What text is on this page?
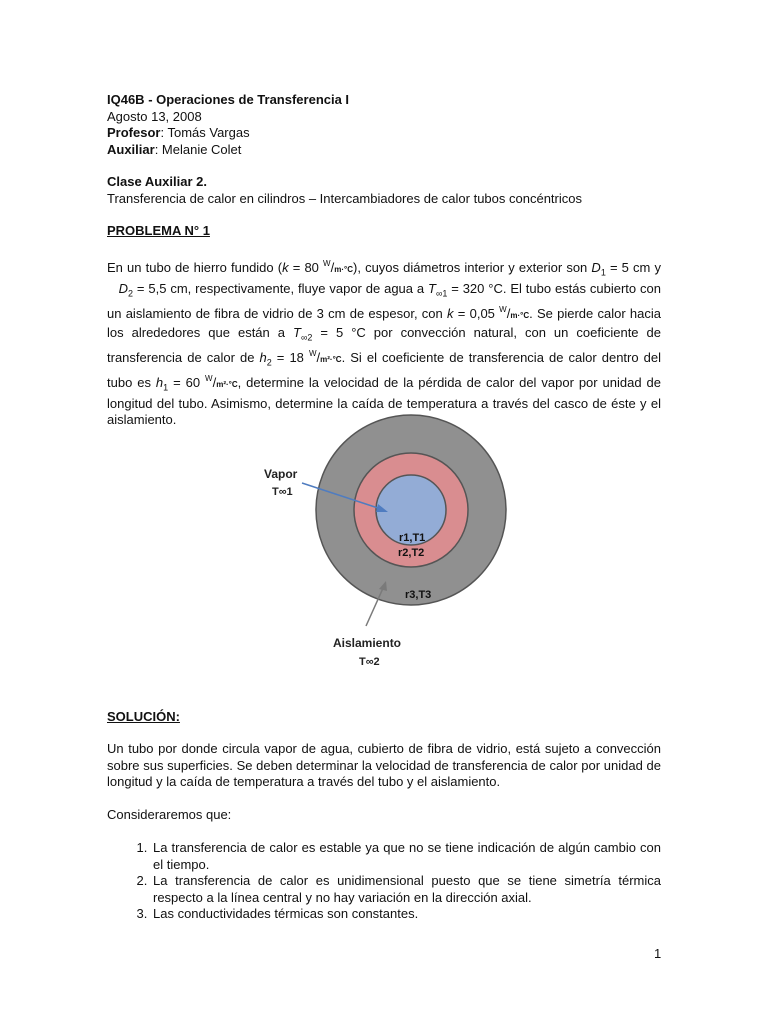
IQ46B - Operaciones de Transferencia I
Agosto 13, 2008
Profesor: Tomás Vargas
Auxiliar: Melanie Colet
Clase Auxiliar 2.
Transferencia de calor en cilindros – Intercambiadores de calor tubos concéntricos
PROBLEMA N° 1
En un tubo de hierro fundido (k = 80 $^W$/m·°C), cuyos diámetros interior y exterior son $D_1 = 5$ cm y    $D_2 = 5,5$ cm, respectivamente, fluye vapor de agua a $T_{\infty 1} = 320$ °C. El tubo estás cubierto con un aislamiento de fibra de vidrio de 3 cm de espesor, con k = 0,05 $^W$/m·°C. Se pierde calor hacia los alrededores que están a $T_{\infty 2} = 5$ °C por convección natural, con un coeficiente de transferencia de calor de $h_2 = 18$ $^W$/m²·°C. Si el coeficiente de transferencia de calor dentro del tubo es $h_1 = 60$ $^W$/m²·°C, determine la velocidad de la pérdida de calor del vapor por unidad de longitud del tubo. Asimismo, determine la caída de temperatura a través del casco de éste y el aislamiento.
Vapor
T∞1
r1,T1
r2,T2
r3,T3
Aislamiento
T∞2
SOLUCIÓN:
Un tubo por donde circula vapor de agua, cubierto de fibra de vidrio, está sujeto a convección sobre sus superficies. Se deben determinar la velocidad de transferencia de calor por unidad de longitud y la caída de temperatura a través del tubo y el aislamiento.
Consideraremos que:
1. La transferencia de calor es estable ya que no se tiene indicación de algún cambio con el tiempo.
2. La transferencia de calor es unidimensional puesto que se tiene simetría térmica respecto a la línea central y no hay variación en la dirección axial.
3. Las conductividades térmicas son constantes.
1
